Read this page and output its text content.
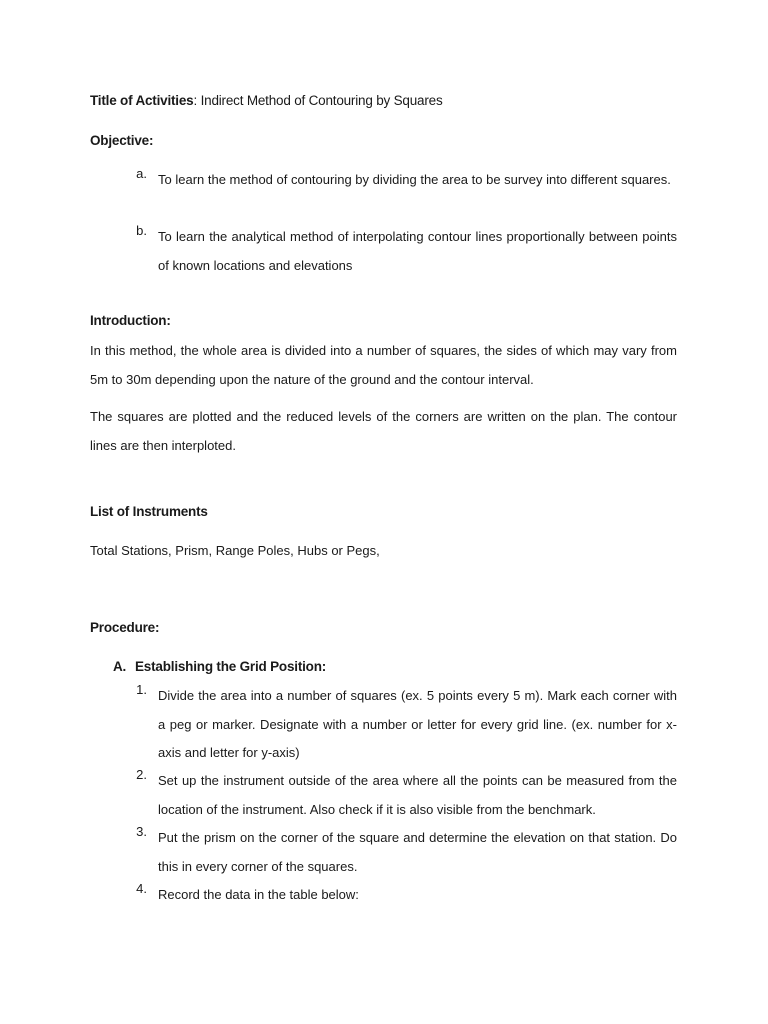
Title of Activities: Indirect Method of Contouring by Squares
Objective:
a. To learn the method of contouring by dividing the area to be survey into different squares.
b. To learn the analytical method of interpolating contour lines proportionally between points of known locations and elevations
Introduction:

In this method, the whole area is divided into a number of squares, the sides of which may vary from 5m to 30m depending upon the nature of the ground and the contour interval.

The squares are plotted and the reduced levels of the corners are written on the plan. The contour lines are then interploted.

List of Instruments
Total Stations, Prism, Range Poles, Hubs or Pegs,
Procedure:
A. Establishing the Grid Position:
1. Divide the area into a number of squares (ex. 5 points every 5 m). Mark each corner with a peg or marker. Designate with a number or letter for every grid line. (ex. number for x-axis and letter for y-axis)
2. Set up the instrument outside of the area where all the points can be measured from the location of the instrument. Also check if it is also visible from the benchmark.
3. Put the prism on the corner of the square and determine the elevation on that station. Do this in every corner of the squares.
4. Record the data in the table below:
